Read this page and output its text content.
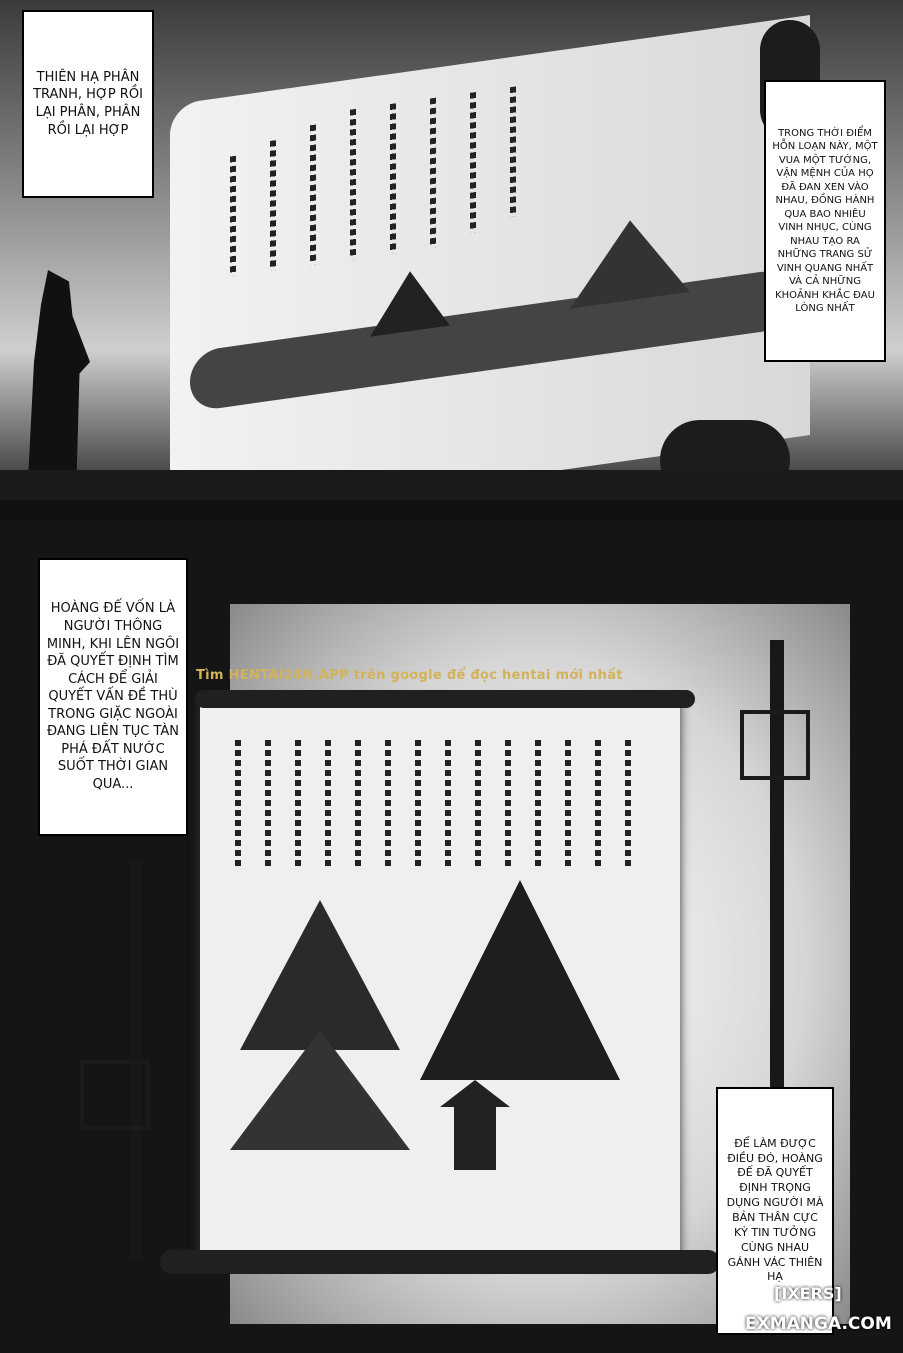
THIÊN HẠ PHÂN TRANH, HỢP RỒI LẠI PHÂN, PHÂN RỒI LẠI HỢP	TRONG THỜI ĐIỂM HỖN LOẠN NÀY, MỘT VUA MỘT TƯỚNG, VẬN MỆNH CỦA HỌ ĐÃ ĐAN XEN VÀO NHAU, ĐỒNG HÀNH QUA BAO NHIÊU VINH NHỤC, CÙNG NHAU TẠO RA NHỮNG TRANG SỬ VINH QUANG NHẤT VÀ CẢ NHỮNG KHOẢNH KHẮC ĐAU LÒNG NHẤT
Tìm HENTAI24H.APP trên google để đọc hentai mới nhất
HOÀNG ĐẾ VỐN LÀ NGƯỜI THÔNG MINH, KHI LÊN NGÔI ĐÃ QUYẾT ĐỊNH TÌM CÁCH ĐỂ GIẢI QUYẾT VẤN ĐỀ THÙ TRONG GIẶC NGOÀI ĐANG LIÊN TỤC TÀN PHÁ ĐẤT NƯỚC SUỐT THỜI GIAN QUA...
ĐỂ LÀM ĐƯỢC ĐIỀU ĐÓ, HOÀNG ĐẾ ĐÃ QUYẾT ĐỊNH TRỌNG DỤNG NGƯỜI MÀ BẢN THÂN CỰC KỲ TIN TƯỞNG CÙNG NHAU GÁNH VÁC THIÊN HẠ
[IXERS]
EXMANGA.COM
